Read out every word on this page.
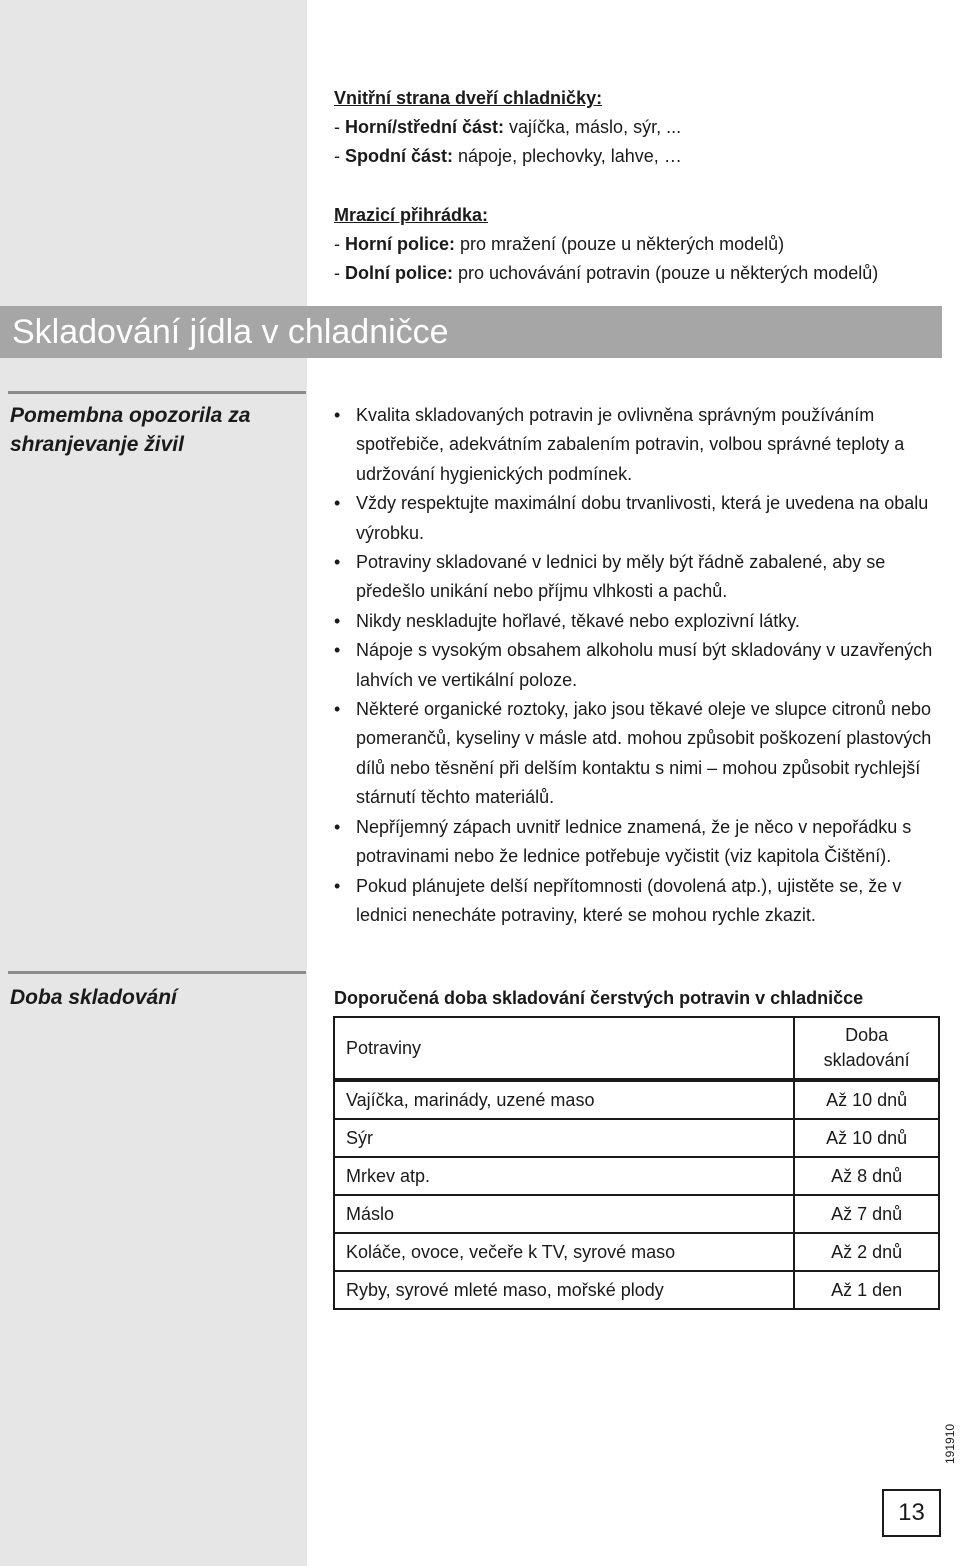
Vnitřní strana dveří chladničky:
- Horní/střední část: vajíčka, máslo, sýr, ...
- Spodní část: nápoje, plechovky, lahve, …
Mrazicí přihrádka:
- Horní police: pro mražení (pouze u některých modelů)
- Dolní police: pro uchovávání potravin (pouze u některých modelů)
Skladování jídla v chladničce
Pomembna opozorila za
shranjevanje živil
• Kvalita skladovaných potravin je ovlivněna správným používáním spotřebiče, adekvátním zabalením potravin, volbou správné teploty a udržování hygienických podmínek.
• Vždy respektujte maximální dobu trvanlivosti, která je uvedena na obalu výrobku.
• Potraviny skladované v lednici by měly být řádně zabalené, aby se předešlo unikání nebo příjmu vlhkosti a pachů.
• Nikdy neskladujte hořlavé, těkavé nebo explozivní látky.
• Nápoje s vysokým obsahem alkoholu musí být skladovány v uzavřených lahvích ve vertikální poloze.
• Některé organické roztoky, jako jsou těkavé oleje ve slupce citronů nebo pomerančů, kyseliny v másle atd. mohou způsobit poškození plastových dílů nebo těsnění při delším kontaktu s nimi – mohou způsobit rychlejší stárnutí těchto materiálů.
• Nepříjemný zápach uvnitř lednice znamená, že je něco v nepořádku s potravinami nebo že lednice potřebuje vyčistit (viz kapitola Čištění).
• Pokud plánujete delší nepřítomnosti (dovolená atp.), ujistěte se, že v lednici nenecháte potraviny, které se mohou rychle zkazit.
Doba skladování	Doporučená doba skladování čerstvých potravin v chladničce
Potraviny	Doba
skladování

Vajíčka, marinády, uzené maso	Až 10 dnů
Sýr	Až 10 dnů
Mrkev atp.	Až 8 dnů
Máslo	Až 7 dnů
Koláče, ovoce, večeře k TV, syrové maso	Až 2 dnů
Ryby, syrové mleté maso, mořské plody	Až 1 den
191910
13
